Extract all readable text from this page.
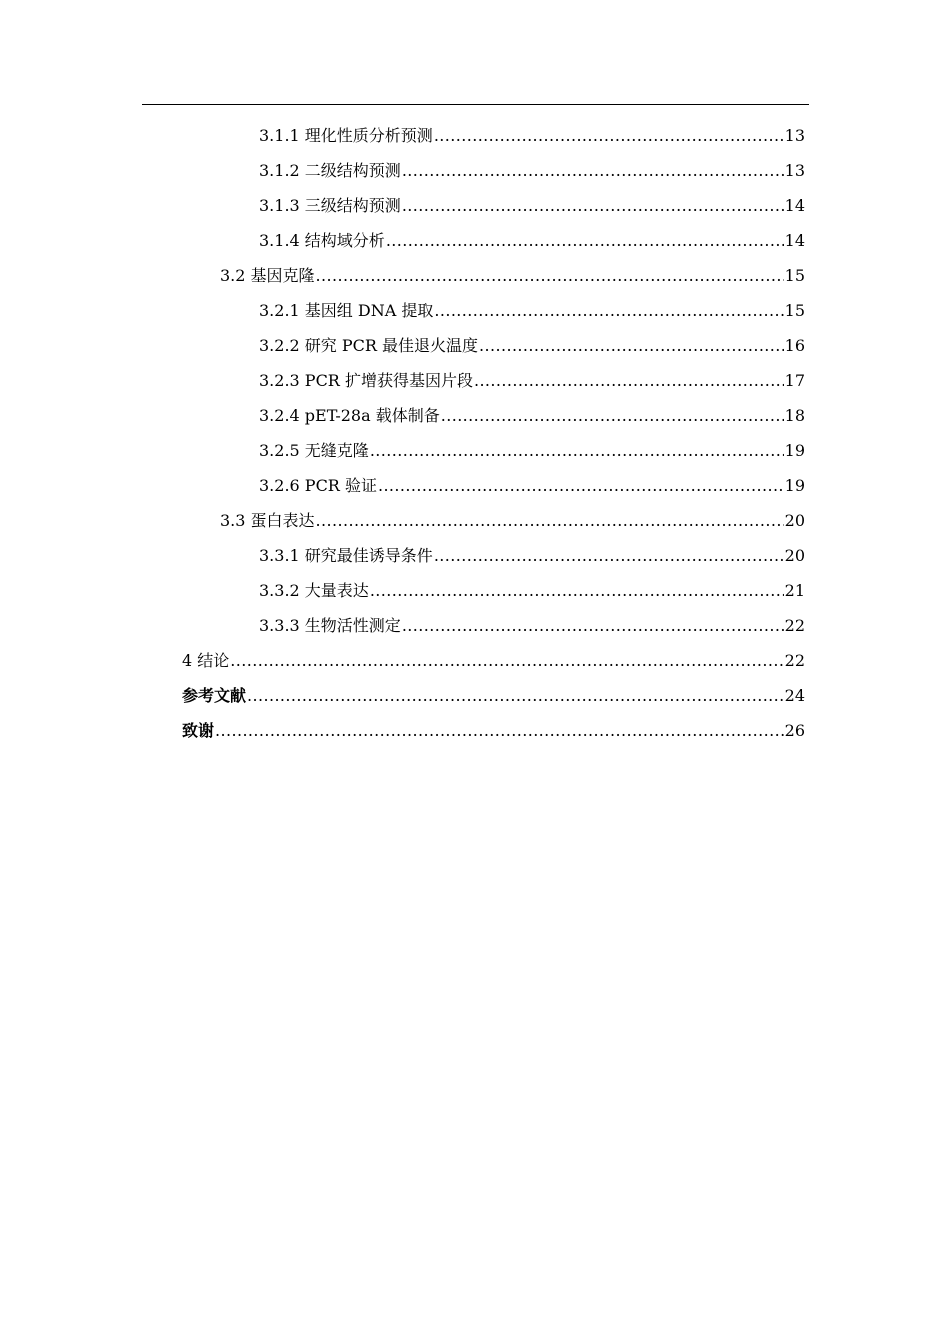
3.1.1 理化性质分析预测 .....	13
3.1.2 二级结构预测 .....	13
3.1.3 三级结构预测 .....	14
3.1.4 结构域分析 .....	14
3.2 基因克隆 .....	15
3.2.1 基因组 DNA 提取 .....	15
3.2.2 研究 PCR 最佳退火温度 .....	16
3.2.3 PCR 扩增获得基因片段 .....	17
3.2.4 pET-28a 载体制备 .....	18
3.2.5 无缝克隆 .....	19
3.2.6 PCR 验证 .....	19
3.3 蛋白表达 .....	20
3.3.1 研究最佳诱导条件 .....	20
3.3.2 大量表达 .....	21
3.3.3 生物活性测定 .....	22
4 结论 .....	22
参考文献 .....	24
致谢 .....	26
